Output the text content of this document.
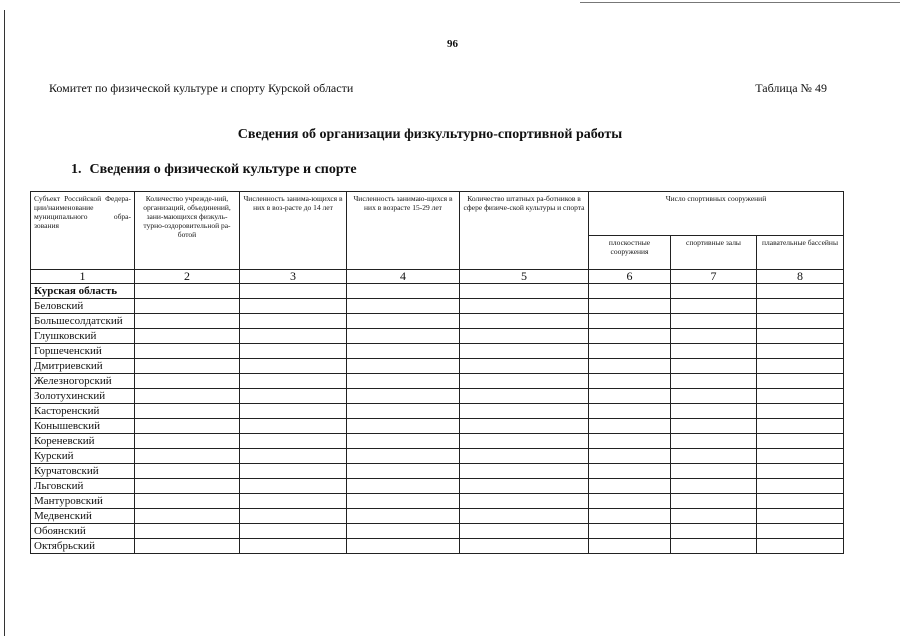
96
Комитет по физической культуре и спорту Курской области	Таблица № 49
Сведения об организации физкультурно-спортивной работы
1. Сведения о физической культуре и спорте
Субъект Российской Федера-ции/наименование муниципального обра-зования	Количество учрежде-ний, организаций, объединений, зани-мающихся физкуль-турно-оздоровительной ра-ботой	Численность занима-ющихся в них в воз-расте до 14 лет	Численность занимаю-щихся в них в возрасте 15-29 лет	Количество штатных ра-ботников в сфере физиче-ской культуры и спорта	Число спортивных сооружений		
					плоскостные сооружения	спортивные залы	плавательные бассейны
1	2	3	4	5	6	7	8
Курская область							
Беловский							
Большесолдатский							
Глушковский							
Горшеченский							
Дмитриевский							
Железногорский							
Золотухинский							
Касторенский							
Конышевский							
Кореневский							
Курский							
Курчатовский							
Льговский							
Мантуровский							
Медвенский							
Обоянский							
Октябрьский							
